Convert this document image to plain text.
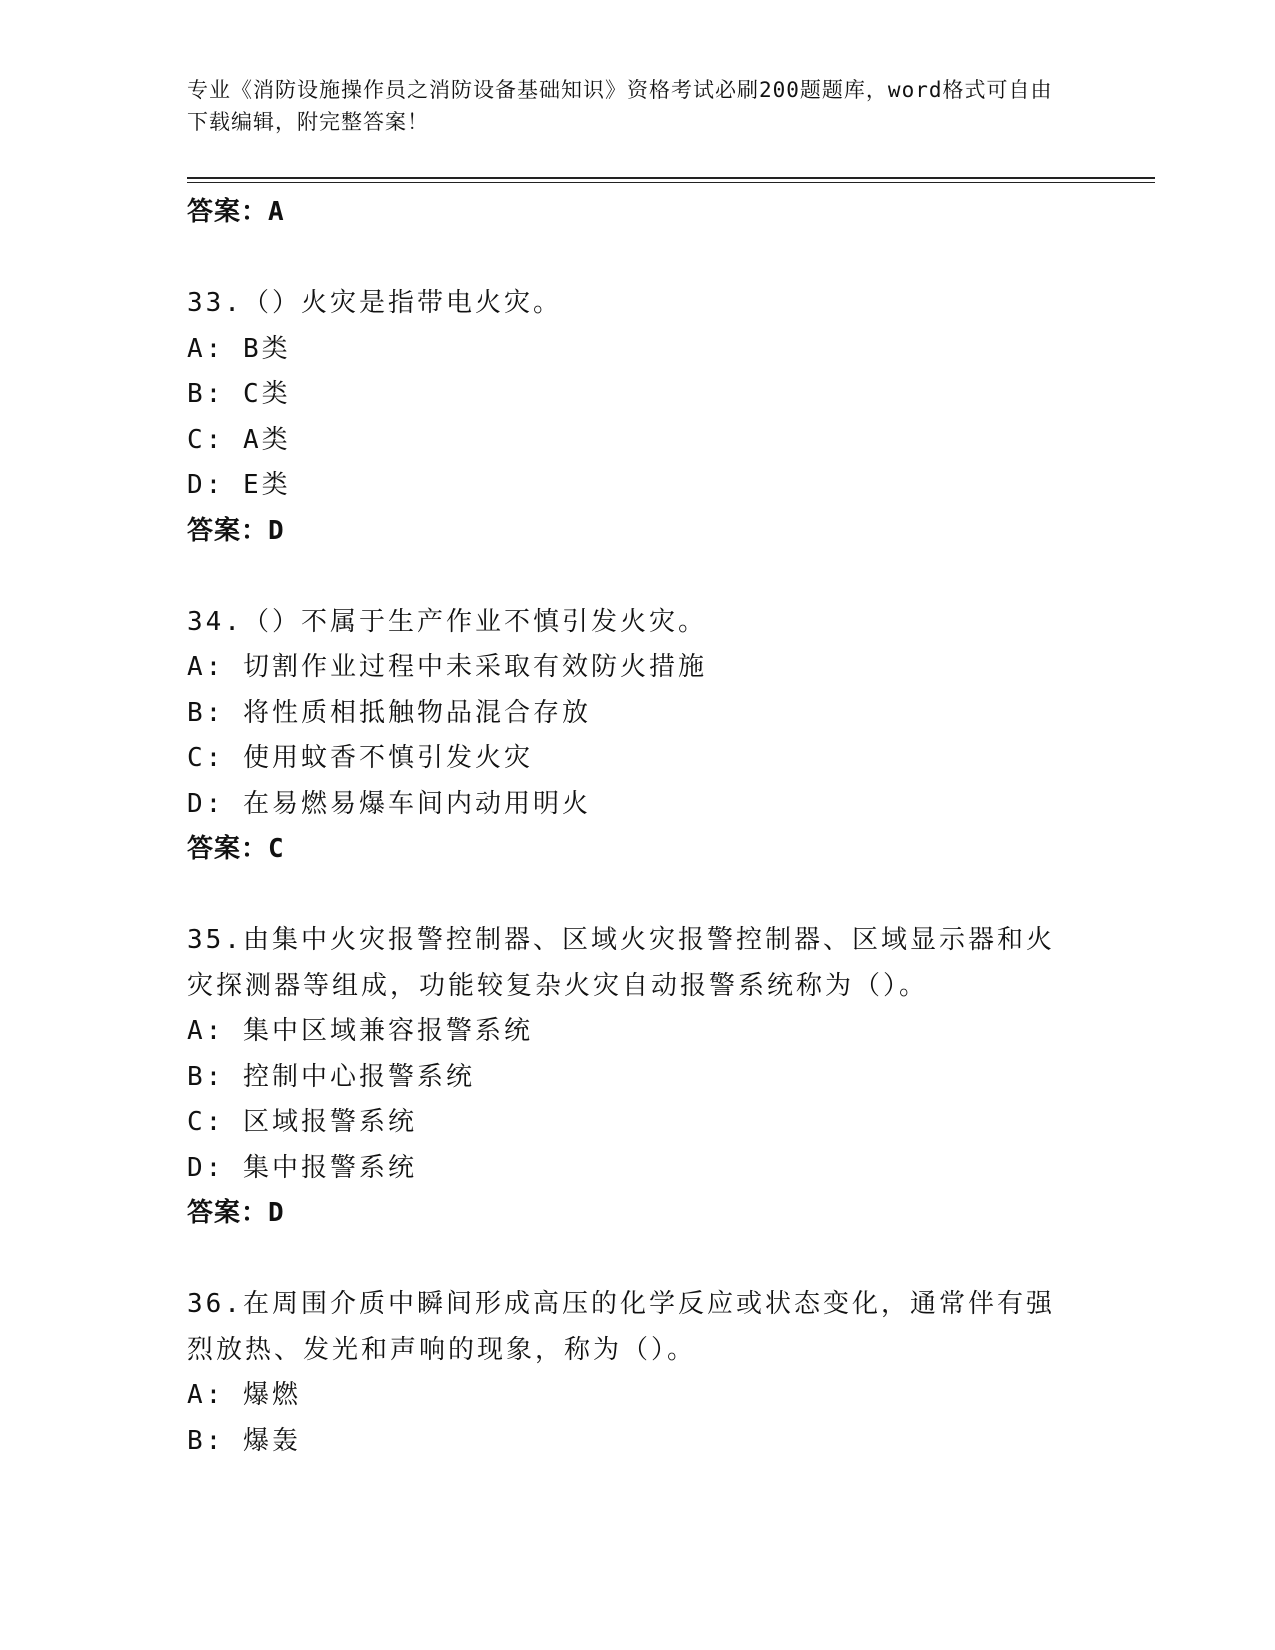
专业《消防设施操作员之消防设备基础知识》资格考试必刷200题题库，word格式可自由下载编辑，附完整答案！
答案：A
33.（）火灾是指带电火灾。
A: B类
B: C类
C: A类
D: E类
答案：D
34.（）不属于生产作业不慎引发火灾。
A: 切割作业过程中未采取有效防火措施
B: 将性质相抵触物品混合存放
C: 使用蚊香不慎引发火灾
D: 在易燃易爆车间内动用明火
答案：C
35.由集中火灾报警控制器、区域火灾报警控制器、区域显示器和火灾探测器等组成，功能较复杂火灾自动报警系统称为（）。
A: 集中区域兼容报警系统
B: 控制中心报警系统
C: 区域报警系统
D: 集中报警系统
答案：D
36.在周围介质中瞬间形成高压的化学反应或状态变化，通常伴有强烈放热、发光和声响的现象，称为（）。
A: 爆燃
B: 爆轰
